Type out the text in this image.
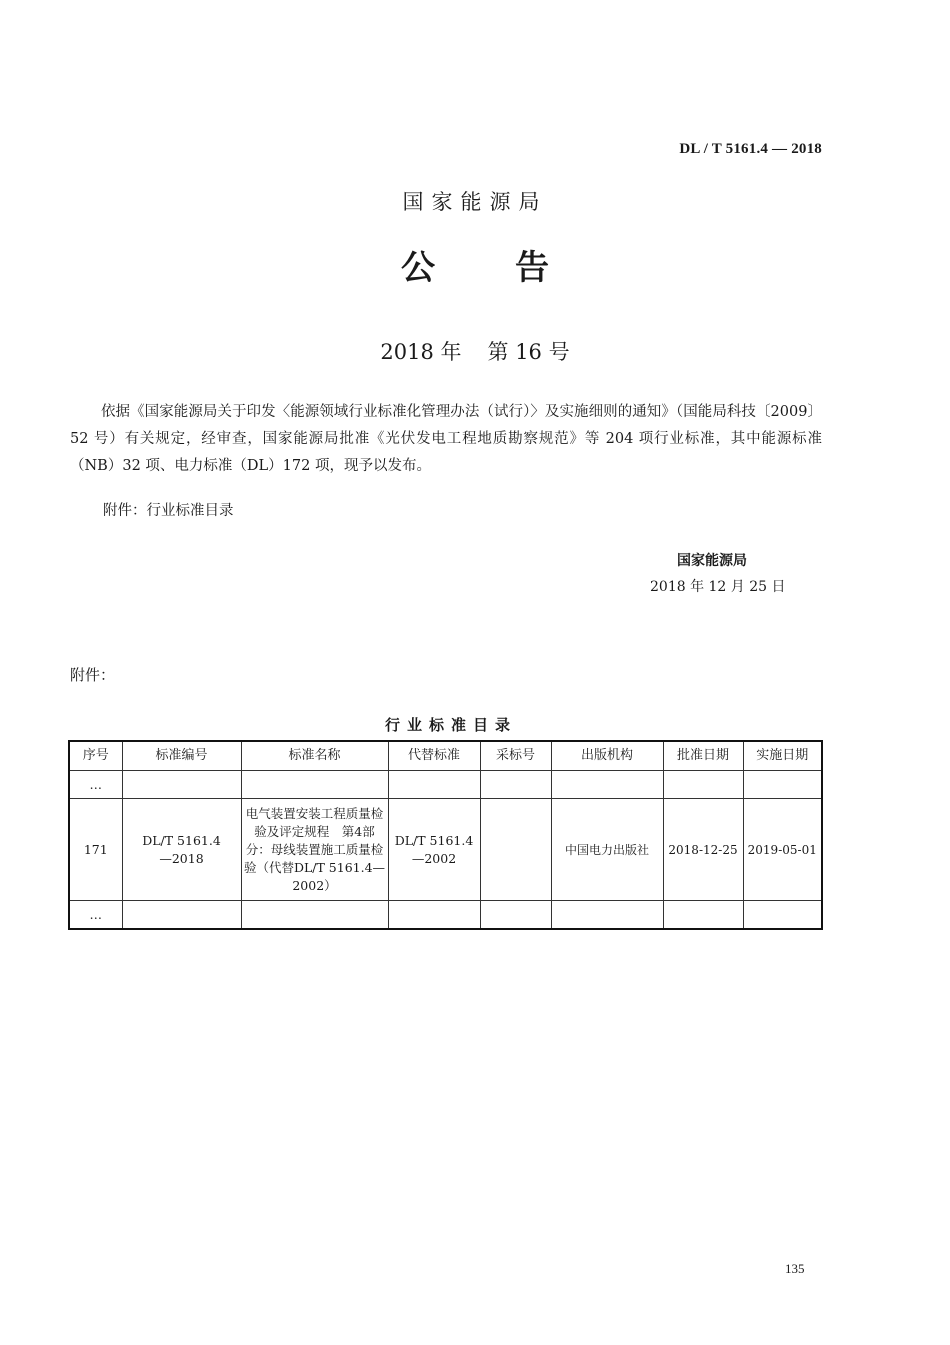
DL / T 5161.4 — 2018
国家能源局
公告
2018 年 第 16 号
依据《国家能源局关于印发〈能源领域行业标准化管理办法（试行）〉及实施细则的通知》（国能局科技〔2009〕52 号）有关规定，经审查，国家能源局批准《光伏发电工程地质勘察规范》等 204 项行业标准，其中能源标准（NB）32 项、电力标准（DL）172 项，现予以发布。
附件：行业标准目录
国家能源局
2018 年 12 月 25 日
附件：
行业标准目录
序号	标准编号	标准名称	代替标准	采标号	出版机构	批准日期	实施日期
…							
171	DL/T 5161.4—2018	电气装置安装工程质量检验及评定规程　第4部分：母线装置施工质量检验（代替DL/T 5161.4—2002）	DL/T 5161.4—2002		中国电力出版社	2018-12-25	2019-05-01
…							
135
